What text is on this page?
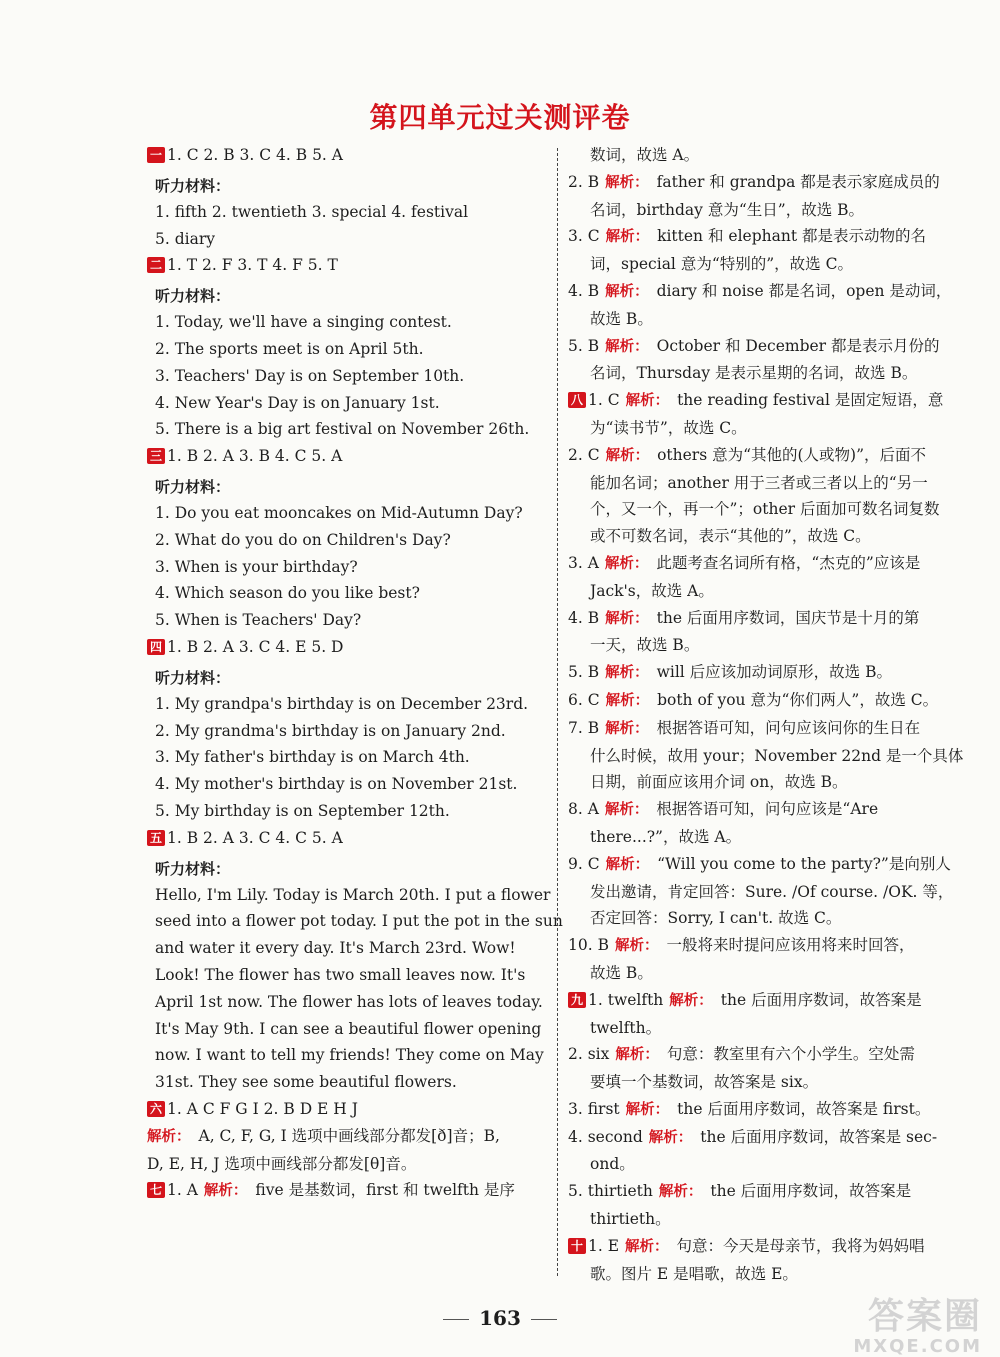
第四单元过关测评卷
一 1. C 2. B 3. C 4. B 5. A
听力材料：
1. fifth 2. twentieth 3. special 4. festival
5. diary
二 1. T 2. F 3. T 4. F 5. T
听力材料：
1. Today, we'll have a singing contest.
2. The sports meet is on April 5th.
3. Teachers' Day is on September 10th.
4. New Year's Day is on January 1st.
5. There is a big art festival on November 26th.
三 1. B 2. A 3. B 4. C 5. A
听力材料：
1. Do you eat mooncakes on Mid-Autumn Day?
2. What do you do on Children's Day?
3. When is your birthday?
4. Which season do you like best?
5. When is Teachers' Day?
四 1. B 2. A 3. C 4. E 5. D
听力材料：
1. My grandpa's birthday is on December 23rd.
2. My grandma's birthday is on January 2nd.
3. My father's birthday is on March 4th.
4. My mother's birthday is on November 21st.
5. My birthday is on September 12th.
五 1. B 2. A 3. C 4. C 5. A
听力材料：
Hello, I'm Lily. Today is March 20th. I put a flower
seed into a flower pot today. I put the pot in the sun
and water it every day. It's March 23rd. Wow!
Look! The flower has two small leaves now. It's
April 1st now. The flower has lots of leaves today.
It's May 9th. I can see a beautiful flower opening
now. I want to tell my friends! They come on May
31st. They see some beautiful flowers.
六 1. A C F G I 2. B D E H J
解析： A, C, F, G, I 选项中画线部分都发[ð]音；B,
D, E, H, J 选项中画线部分都发[θ]音。
七 1. A 解析： five 是基数词，first 和 twelfth 是序
数词，故选 A。
2. B 解析： father 和 grandpa 都是表示家庭成员的
名词，birthday 意为“生日”，故选 B。
3. C 解析： kitten 和 elephant 都是表示动物的名
词，special 意为“特别的”，故选 C。
4. B 解析： diary 和 noise 都是名词，open 是动词，
故选 B。
5. B 解析： October 和 December 都是表示月份的
名词，Thursday 是表示星期的名词，故选 B。
八 1. C 解析： the reading festival 是固定短语，意
为“读书节”，故选 C。
2. C 解析： others 意为“其他的(人或物)”，后面不
能加名词；another 用于三者或三者以上的“另一
个，又一个，再一个”；other 后面加可数名词复数
或不可数名词，表示“其他的”，故选 C。
3. A 解析： 此题考查名词所有格，“杰克的”应该是
Jack's，故选 A。
4. B 解析： the 后面用序数词，国庆节是十月的第
一天，故选 B。
5. B 解析： will 后应该加动词原形，故选 B。
6. C 解析： both of you 意为“你们两人”，故选 C。
7. B 解析： 根据答语可知，问句应该问你的生日在
什么时候，故用 your；November 22nd 是一个具体
日期，前面应该用介词 on，故选 B。
8. A 解析： 根据答语可知，问句应该是“Are
there...?”，故选 A。
9. C 解析： “Will you come to the party?”是向别人
发出邀请，肯定回答：Sure. /Of course. /OK. 等，
否定回答：Sorry, I can't. 故选 C。
10. B 解析： 一般将来时提问应该用将来时回答，
故选 B。
九 1. twelfth 解析： the 后面用序数词，故答案是
twelfth。
2. six 解析： 句意：教室里有六个小学生。空处需
要填一个基数词，故答案是 six。
3. first 解析： the 后面用序数词，故答案是 first。
4. second 解析： the 后面用序数词，故答案是 sec-
ond。
5. thirtieth 解析： the 后面用序数词，故答案是
thirtieth。
十 1. E 解析： 句意：今天是母亲节，我将为妈妈唱
歌。图片 E 是唱歌，故选 E。
163	答案圈
MXQE.COM
